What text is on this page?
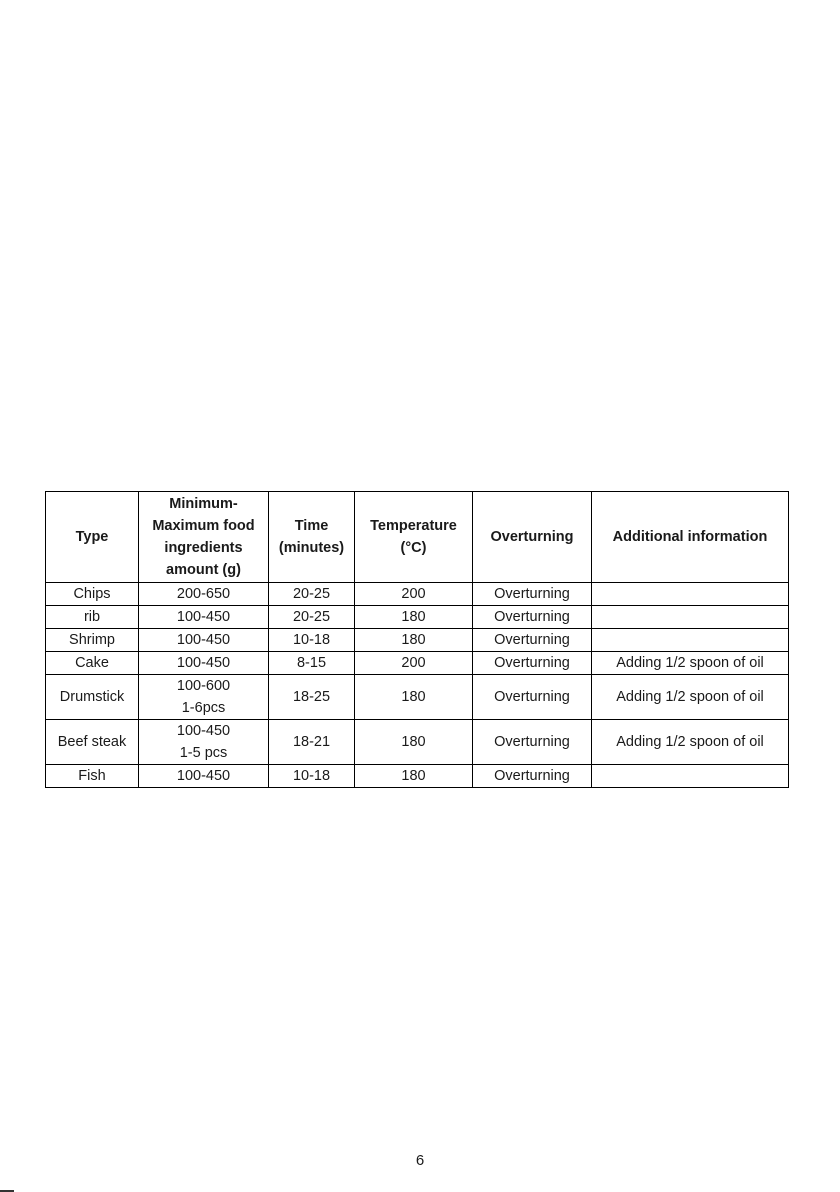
Type	Minimum-
Maximum food
ingredients
amount (g)	Time
(minutes)	Temperature
(°C)	Overturning	Additional information

Chips	200-650	20-25	200	Overturning	
rib	100-450	20-25	180	Overturning	
Shrimp	100-450	10-18	180	Overturning	
Cake	100-450	8-15	200	Overturning	Adding 1/2 spoon of oil
Drumstick	100-600
1-6pcs	18-25	180	Overturning	Adding 1/2 spoon of oil
Beef steak	100-450
1-5 pcs	18-21	180	Overturning	Adding 1/2 spoon of oil
Fish	100-450	10-18	180	Overturning	
6
